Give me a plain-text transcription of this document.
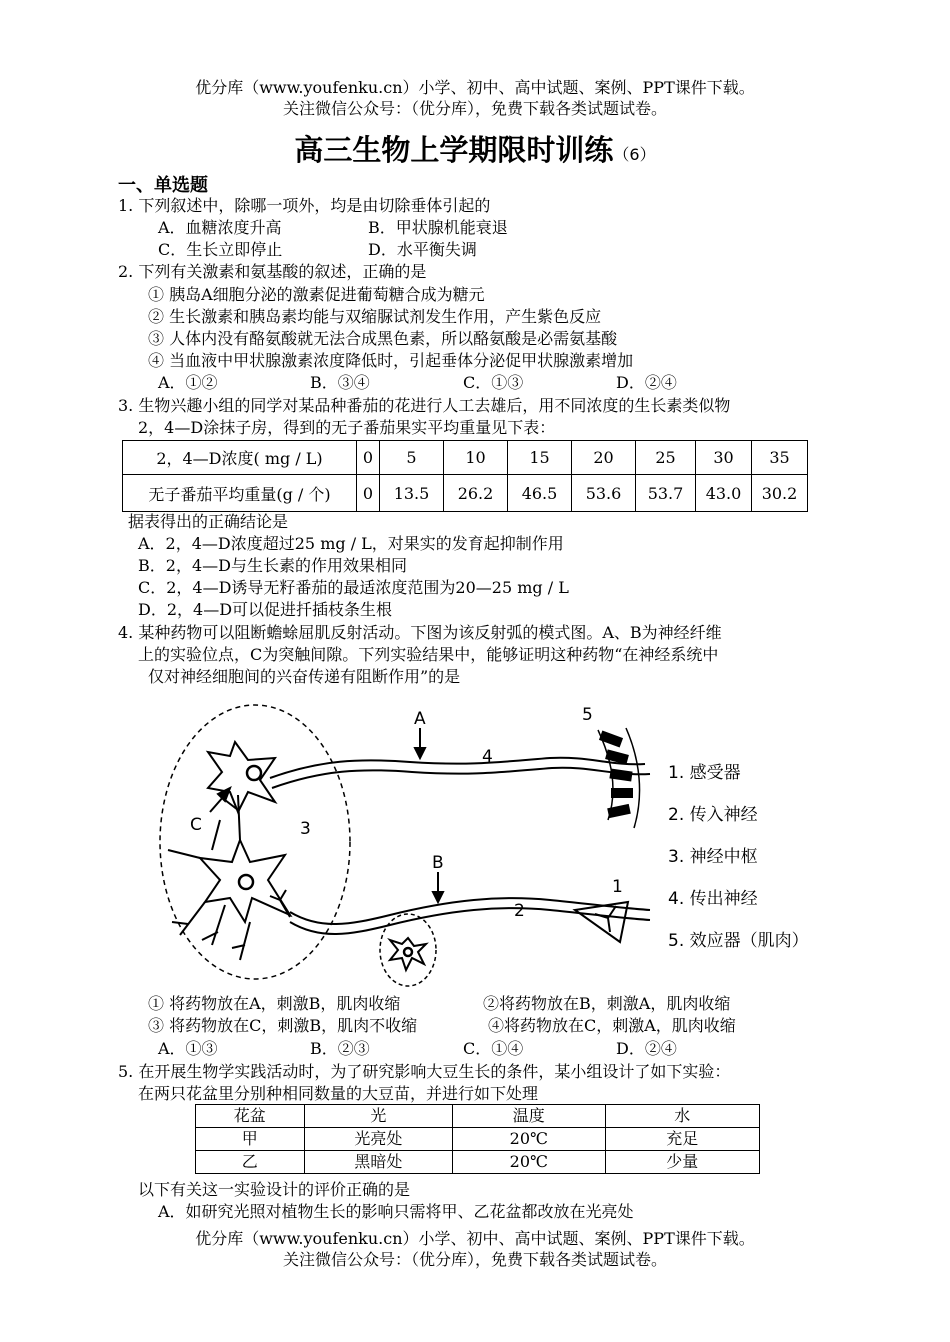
优分库（www.youfenku.cn）小学、初中、高中试题、案例、PPT课件下载。
关注微信公众号：（优分库），免费下载各类试题试卷。
高三生物上学期限时训练（6）
一、单选题
1. 下列叙述中，除哪一项外，均是由切除垂体引起的
A．血糖浓度升高	B．甲状腺机能衰退
C．生长立即停止	D．水平衡失调
2. 下列有关激素和氨基酸的叙述，正确的是
① 胰岛A细胞分泌的激素促进葡萄糖合成为糖元
② 生长激素和胰岛素均能与双缩脲试剂发生作用，产生紫色反应
③ 人体内没有酪氨酸就无法合成黑色素，所以酪氨酸是必需氨基酸
④ 当血液中甲状腺激素浓度降低时，引起垂体分泌促甲状腺激素增加
A．①②	B．③④	C．①③	D．②④
3. 生物兴趣小组的同学对某品种番茄的花进行人工去雄后，用不同浓度的生长素类似物
2，4—D涂抹子房，得到的无子番茄果实平均重量见下表：
2，4—D浓度( mg / L)	0	5	10	15	20	25	30	35
无子番茄平均重量(g / 个)	0	13.5	26.2	46.5	53.6	53.7	43.0	30.2
据表得出的正确结论是
A．2，4—D浓度超过25 mg / L，对果实的发育起抑制作用
B．2，4—D与生长素的作用效果相同
C．2，4—D诱导无籽番茄的最适浓度范围为20—25 mg / L
D．2，4—D可以促进扦插枝条生根
4. 某种药物可以阻断蟾蜍屈肌反射活动。下图为该反射弧的模式图。A、B为神经纤维
上的实验位点，C为突触间隙。下列实验结果中，能够证明这种药物“在神经系统中
仅对神经细胞间的兴奋传递有阻断作用”的是
A
B
C
1
2
3
4
5
1. 感受器
2. 传入神经
3. 神经中枢
4. 传出神经
5. 效应器（肌肉）
① 将药物放在A，刺激B，肌肉收缩	②将药物放在B，刺激A，肌肉收缩
③ 将药物放在C，刺激B，肌肉不收缩	④将药物放在C，刺激A，肌肉收缩
A．①③	B．②③	C．①④	D．②④
5. 在开展生物学实践活动时，为了研究影响大豆生长的条件，某小组设计了如下实验：
在两只花盆里分别种相同数量的大豆苗，并进行如下处理
花盆	光	温度	水
甲	光亮处	20℃	充足
乙	黑暗处	20℃	少量
以下有关这一实验设计的评价正确的是
A．如研究光照对植物生长的影响只需将甲、乙花盆都改放在光亮处
优分库（www.youfenku.cn）小学、初中、高中试题、案例、PPT课件下载。
关注微信公众号：（优分库），免费下载各类试题试卷。
